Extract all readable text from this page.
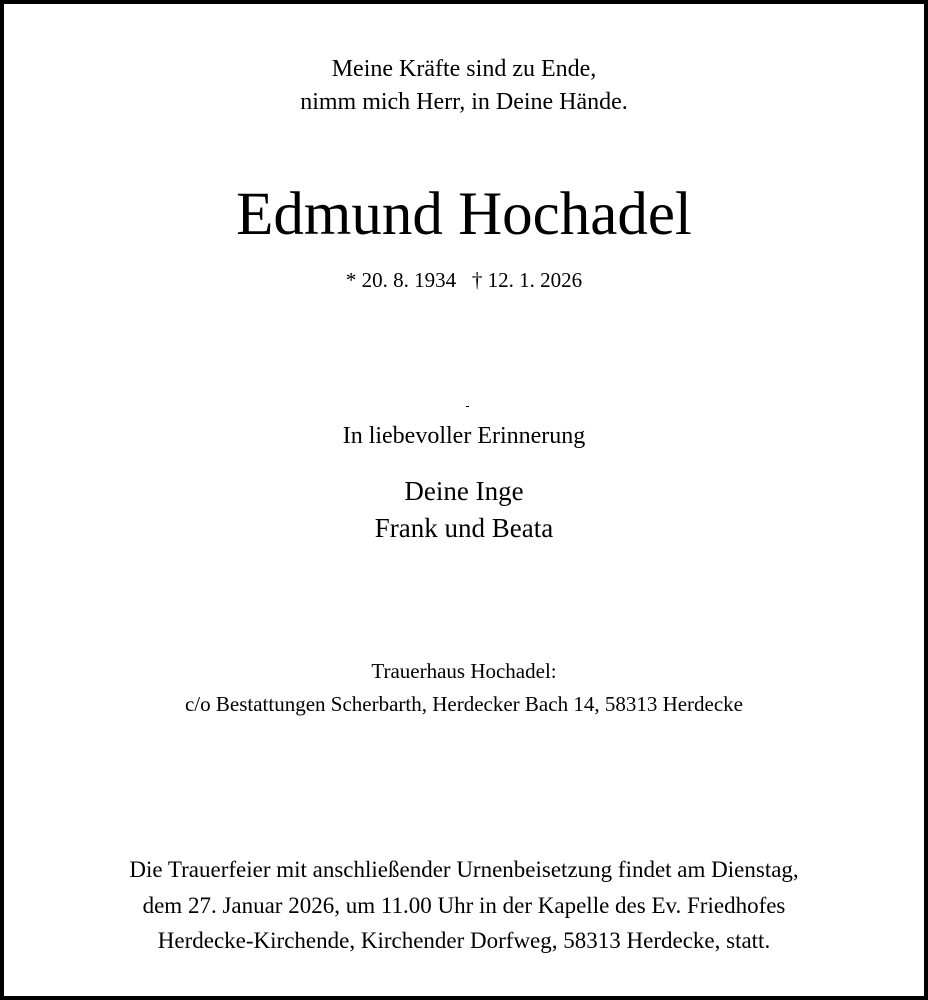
Meine Kräfte sind zu Ende,
nimm mich Herr, in Deine Hände.
Edmund Hochadel
* 20. 8. 1934   † 12. 1. 2026
In liebevoller Erinnerung
Deine Inge
Frank und Beata
Trauerhaus Hochadel:
c/o Bestattungen Scherbarth, Herdecker Bach 14, 58313 Herdecke
Die Trauerfeier mit anschließender Urnenbeisetzung findet am Dienstag,
dem 27. Januar 2026, um 11.00 Uhr in der Kapelle des Ev. Friedhofes
Herdecke-Kirchende, Kirchender Dorfweg, 58313 Herdecke, statt.
